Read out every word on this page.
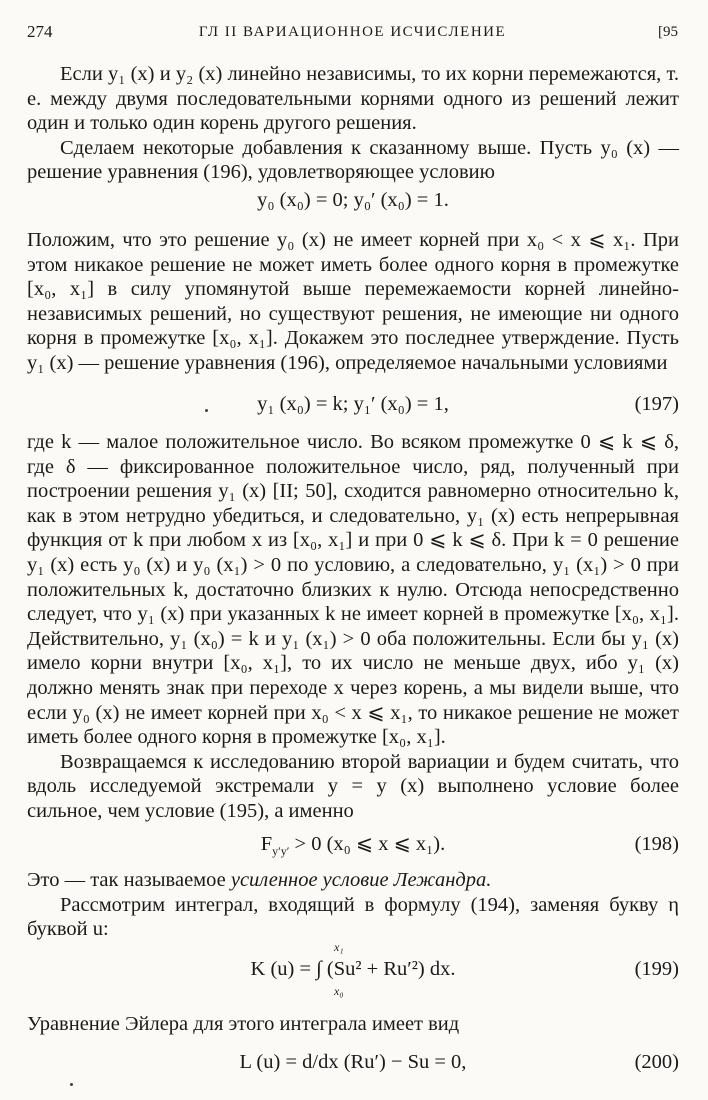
274	ГЛ II ВАРИАЦИОННОЕ ИСЧИСЛЕНИЕ	[95

Если y₁ (x) и y₂ (x) линейно независимы, то их корни перемежаются, т. е. между двумя последовательными корнями одного из решений лежит один и только один корень другого решения.

Сделаем некоторые добавления к сказанному выше. Пусть y₀ (x) — решение уравнения (196), удовлетворяющее условию

y₀ (x₀) = 0; y₀′ (x₀) = 1.

Положим, что это решение y₀ (x) не имеет корней при x₀ < x ⩽ x₁. При этом никакое решение не может иметь более одного корня в промежутке [x₀, x₁] в силу упомянутой выше перемежаемости корней линейно-независимых решений, но существуют решения, не имеющие ни одного корня в промежутке [x₀, x₁]. Докажем это последнее утверждение. Пусть y₁ (x) — решение уравнения (196), определяемое начальными условиями

y₁ (x₀) = k; y₁′ (x₀) = 1,	(197)

где k — малое положительное число. Во всяком промежутке 0 ⩽ k ⩽ δ, где δ — фиксированное положительное число, ряд, полученный при построении решения y₁ (x) [II; 50], сходится равномерно относительно k, как в этом нетрудно убедиться, и следовательно, y₁ (x) есть непрерывная функция от k при любом x из [x₀, x₁] и при 0 ⩽ k ⩽ δ. При k = 0 решение y₁ (x) есть y₀ (x) и y₀ (x₁) > 0 по условию, а следовательно, y₁ (x₁) > 0 при положительных k, достаточно близких к нулю. Отсюда непосредственно следует, что y₁ (x) при указанных k не имеет корней в промежутке [x₀, x₁]. Действительно, y₁ (x₀) = k и y₁ (x₁) > 0 оба положительны. Если бы y₁ (x) имело корни внутри [x₀, x₁], то их число не меньше двух, ибо y₁ (x) должно менять знак при переходе x через корень, а мы видели выше, что если y₀ (x) не имеет корней при x₀ < x ⩽ x₁, то никакое решение не может иметь более одного корня в промежутке [x₀, x₁].

Возвращаемся к исследованию второй вариации и будем считать, что вдоль исследуемой экстремали y = y (x) выполнено условие более сильное, чем условие (195), а именно

$F_{y'y'} > 0$ (x₀ ⩽ x ⩽ x₁).	(198)

Это — так называемое усиленное условие Лежандра.

Рассмотрим интеграл, входящий в формулу (194), заменяя букву η буквой u:

x₁
K (u) = ∫ (Su² + Ru′²) dx.
x₀
(199)

Уравнение Эйлера для этого интеграла имеет вид

L (u) = d/dx (Ru′) − Su = 0,	(200)
